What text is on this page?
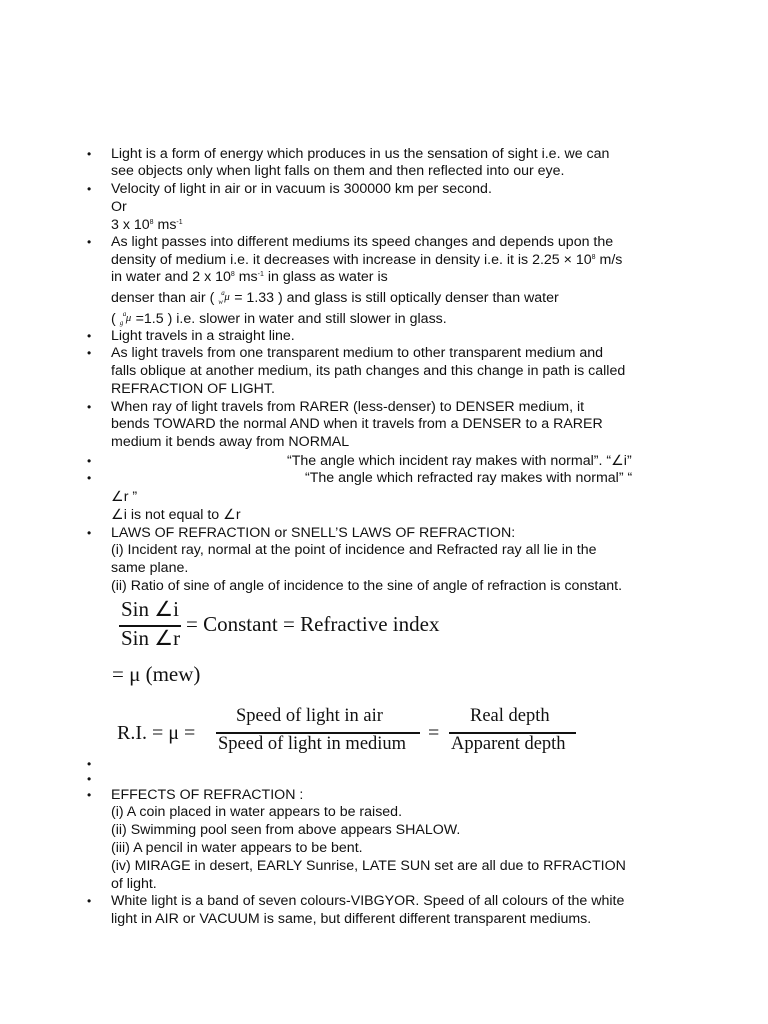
•
•
•
•
•
•
•
•
•
•
•
•
•
Light is a form of energy which produces in us the sensation of sight i.e. we can
see objects only when light falls on them and then reflected into our eye.
Velocity of light in air or in vacuum is 300000 km per second.
Or
3 x $10^8$ $ms^{-1}$
As light passes into different mediums its speed changes and depends upon the
density of medium i.e. it decreases with increase in density i.e. it is $2.25 \times 10^8$ m/s
in water and 2 x $10^8$ $ms^{-1}$ in glass as water is
denser than air ( a
w μ = 1.33 ) and glass is still optically denser than water
( a
g μ =1.5 ) i.e. slower in water and still slower in glass.
Light travels in a straight line.
As light travels from one transparent medium to other transparent medium and
falls oblique at another medium, its path changes and this change in path is called
REFRACTION OF LIGHT.
When ray of light travels from RARER (less-denser) to DENSER medium, it
bends TOWARD the normal AND when it travels from a DENSER to a RARER
medium it bends away from NORMAL
“The angle which incident ray makes with normal”. “∠i”
“The angle which refracted ray makes with normal” “
∠r ”
∠i is not equal to ∠r
LAWS OF REFRACTION or SNELL’S LAWS OF REFRACTION:
(i) Incident ray, normal at the point of incidence and Refracted ray all lie in the
same plane.
(ii) Ratio of sine of angle of incidence to the sine of angle of refraction is constant.
Sin ∠i
Sin ∠r
= Constant = Refractive index
= μ (mew)
R.I. = μ =
Speed of light in air
Speed of light in medium =
Real depth
Apparent depth
EFFECTS OF REFRACTION :
(i) A coin placed in water appears to be raised.
(ii) Swimming pool seen from above appears SHALOW.
(iii) A pencil in water appears to be bent.
(iv) MIRAGE in desert, EARLY Sunrise, LATE SUN set are all due to RFRACTION
of light.
White light is a band of seven colours-VIBGYOR. Speed of all colours of the white
light in AIR or VACUUM is same, but different different transparent mediums.
